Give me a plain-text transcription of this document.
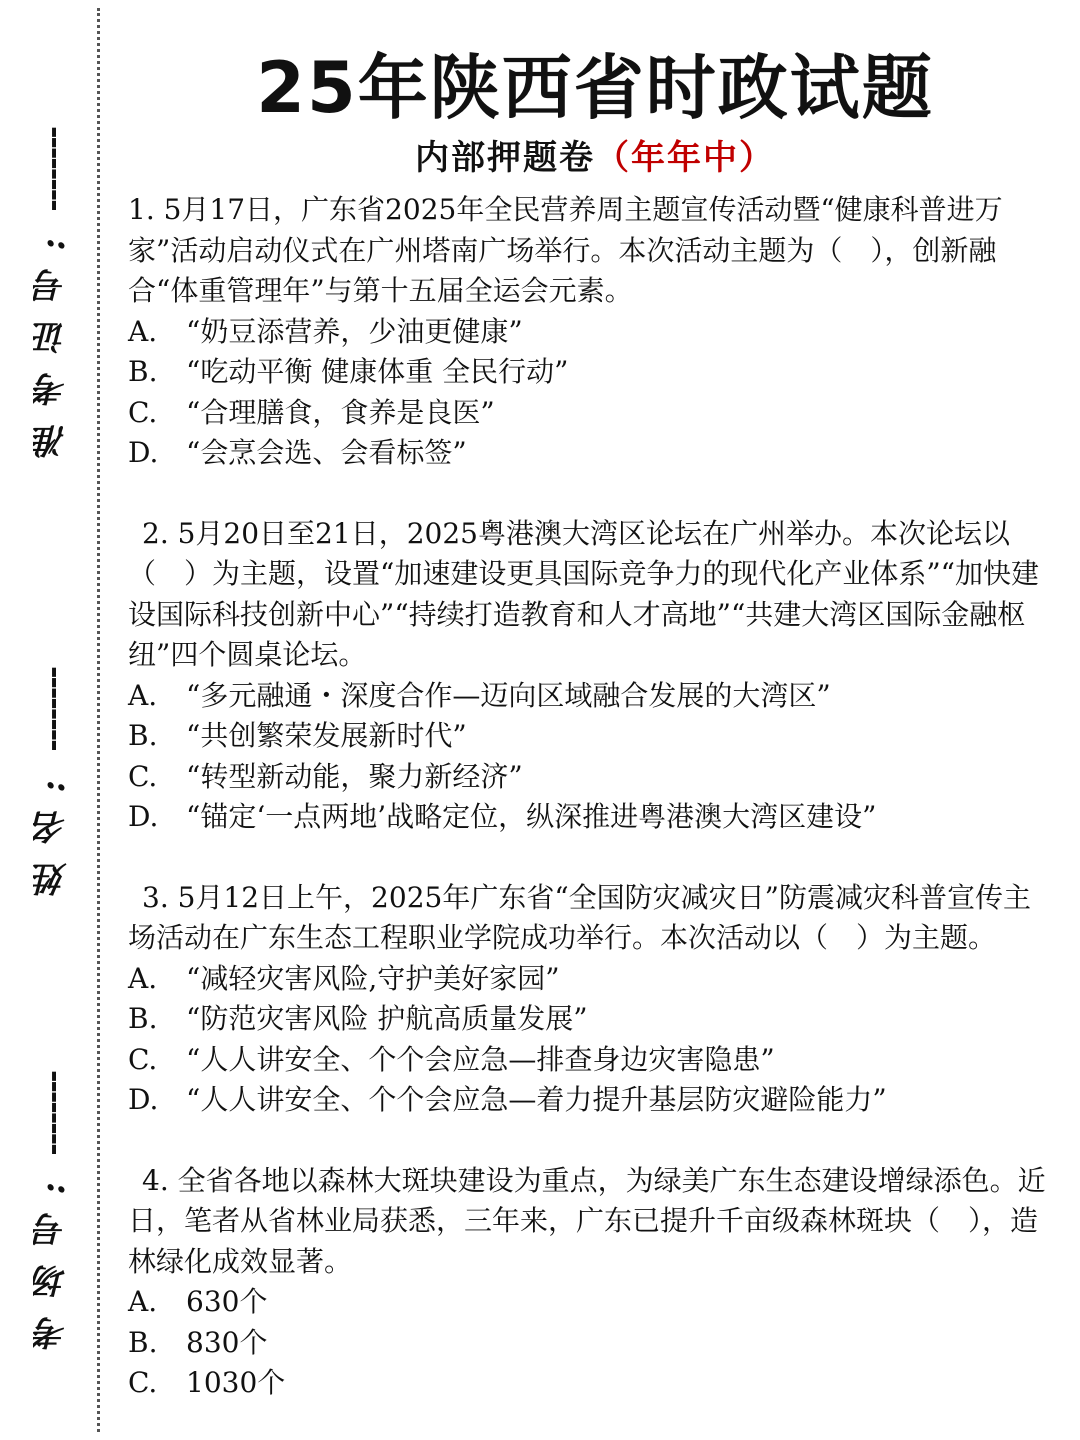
--------
准考证号:
--------
姓名:
--------
考场号:
25年陕西省时政试题
内部押题卷（年年中）
1. 5月17日，广东省2025年全民营养周主题宣传活动暨“健康科普进万家”活动启动仪式在广州塔南广场举行。本次活动主题为（　），创新融合“体重管理年”与第十五届全运会元素。
A.	“奶豆添营养，少油更健康”
B.	“吃动平衡 健康体重 全民行动”
C.	“合理膳食，食养是良医”
D. “会烹会选、会看标签”
2. 5月20日至21日，2025粤港澳大湾区论坛在广州举办。本次论坛以（　）为主题，设置“加速建设更具国际竞争力的现代化产业体系”“加快建设国际科技创新中心”“持续打造教育和人才高地”“共建大湾区国际金融枢纽”四个圆桌论坛。
A.	“多元融通・深度合作—迈向区域融合发展的大湾区”
B.	“共创繁荣发展新时代”
C.	“转型新动能，聚力新经济”
D. “锚定‘一点两地’战略定位，纵深推进粤港澳大湾区建设”
3. 5月12日上午，2025年广东省“全国防灾减灾日”防震减灾科普宣传主场活动在广东生态工程职业学院成功举行。本次活动以（　）为主题。
A.	“减轻灾害风险,守护美好家园”
B.	“防范灾害风险 护航高质量发展”
C.	“人人讲安全、个个会应急—排查身边灾害隐患”
D. “人人讲安全、个个会应急—着力提升基层防灾避险能力”
4. 全省各地以森林大斑块建设为重点，为绿美广东生态建设增绿添色。近日，笔者从省林业局获悉，三年来，广东已提升千亩级森林斑块（　），造林绿化成效显著。
A.	630个
B.	830个
C.	1030个
